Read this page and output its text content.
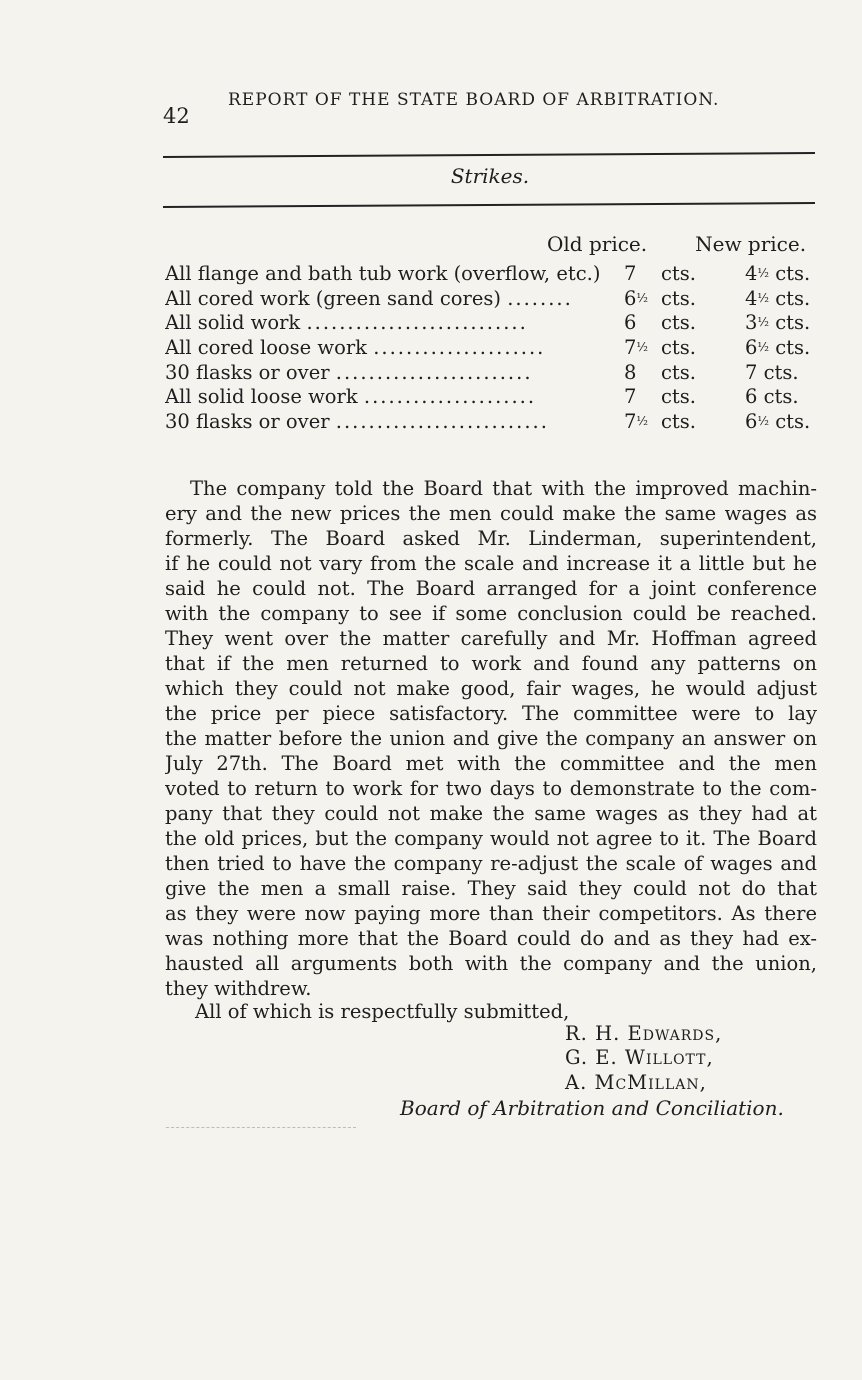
42
REPORT OF THE STATE BOARD OF ARBITRATION.
Strikes.
Old price. New price.
All flange and bath tub work (overflow, etc.)	7 cts.	4½ cts.
All cored work (green sand cores) ........	6½ cts.	4½ cts.
All solid work ...........................	6 cts.	3½ cts.
All cored loose work .....................	7½ cts.	6½ cts.
30 flasks or over ........................	8 cts.	7 cts.
All solid loose work .....................	7 cts.	6 cts.
30 flasks or over ..........................	7½ cts.	6½ cts.
The company told the Board that with the improved machin-
ery and the new prices the men could make the same wages as
formerly. The Board asked Mr. Linderman, superintendent,
if he could not vary from the scale and increase it a little but he
said he could not. The Board arranged for a joint conference
with the company to see if some conclusion could be reached.
They went over the matter carefully and Mr. Hoffman agreed
that if the men returned to work and found any patterns on
which they could not make good, fair wages, he would adjust
the price per piece satisfactory. The committee were to lay
the matter before the union and give the company an answer on
July 27th. The Board met with the committee and the men
voted to return to work for two days to demonstrate to the com-
pany that they could not make the same wages as they had at
the old prices, but the company would not agree to it. The Board
then tried to have the company re-adjust the scale of wages and
give the men a small raise. They said they could not do that
as they were now paying more than their competitors. As there
was nothing more that the Board could do and as they had ex-
hausted all arguments both with the company and the union,
they withdrew.
All of which is respectfully submitted,
R. H. Edwards,
G. E. Willott,
A. McMillan,
Board of Arbitration and Conciliation.
